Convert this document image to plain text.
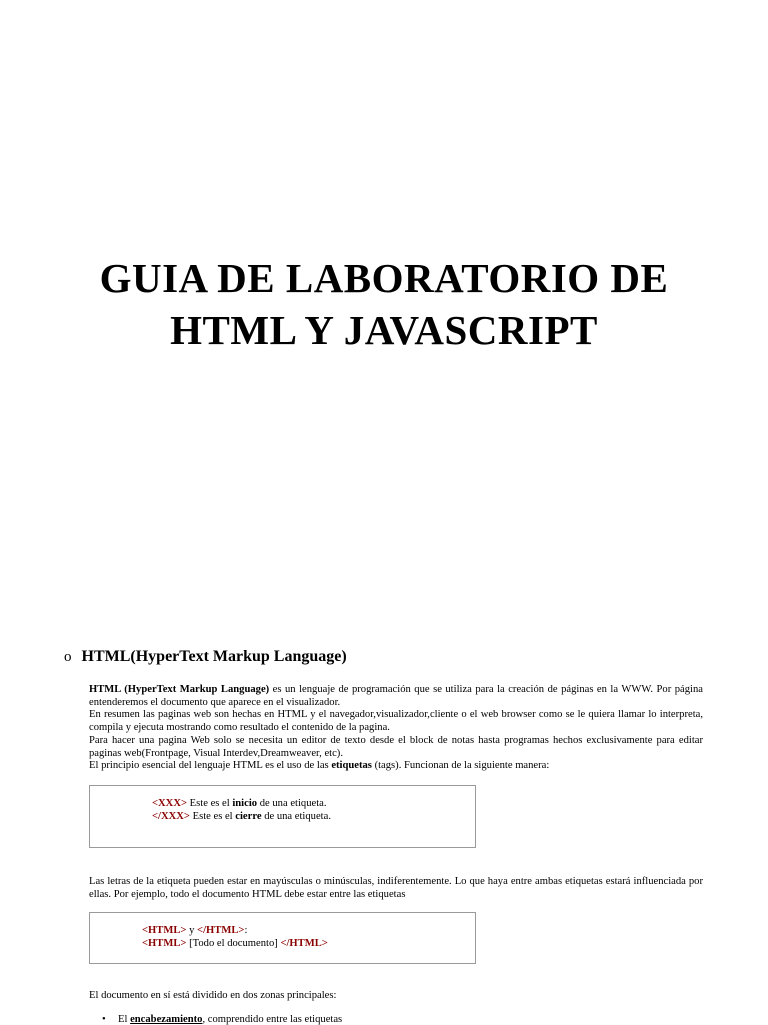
GUIA DE LABORATORIO DE
HTML Y JAVASCRIPT
o HTML(HyperText Markup Language)
HTML (HyperText Markup Language) es un lenguaje de programación que se utiliza para la creación de páginas en la WWW. Por página entenderemos el documento que aparece en el visualizador.
En resumen las paginas web son hechas en HTML y el navegador,visualizador,cliente o el web browser como se le quiera llamar lo interpreta, compila y ejecuta mostrando como resultado el contenido de la pagina.
Para hacer una pagina Web solo se necesita un editor de texto desde el block de notas hasta programas hechos exclusivamente para editar paginas web(Frontpage, Visual Interdev,Dreamweaver, etc).
El principio esencial del lenguaje HTML es el uso de las etiquetas (tags). Funcionan de la siguiente manera:
<XXX> Este es el inicio de una etiqueta.
</XXX> Este es el cierre de una etiqueta.
Las letras de la etiqueta pueden estar en mayúsculas o minúsculas, indiferentemente. Lo que haya entre ambas etiquetas estará influenciada por ellas. Por ejemplo, todo el documento HTML debe estar entre las etiquetas
<HTML> y </HTML>:
<HTML> [Todo el documento] </HTML>
El documento en sí está dividido en dos zonas principales:
• El encabezamiento, comprendido entre las etiquetas
